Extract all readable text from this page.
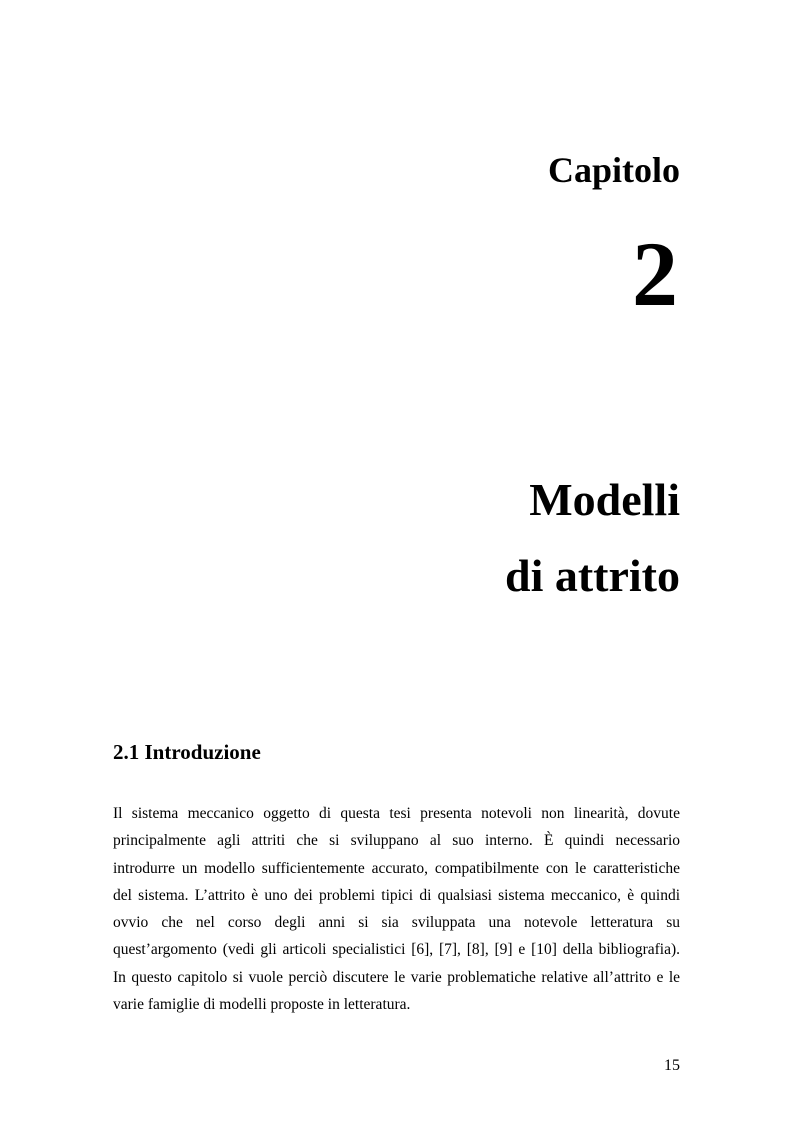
Capitolo
2
Modelli
di attrito
2.1 Introduzione

Il sistema meccanico oggetto di questa tesi presenta notevoli non linearità, dovute
principalmente agli attriti che si sviluppano al suo interno. È quindi necessario
introdurre un modello sufficientemente accurato, compatibilmente con le caratteristiche
del sistema. L’attrito è uno dei problemi tipici di qualsiasi sistema meccanico, è quindi
ovvio che nel corso degli anni si sia sviluppata una notevole letteratura su
quest’argomento (vedi gli articoli specialistici [6], [7], [8], [9] e [10] della bibliografia).
In questo capitolo si vuole perciò discutere le varie problematiche relative all’attrito e le
varie famiglie di modelli proposte in letteratura.

15
